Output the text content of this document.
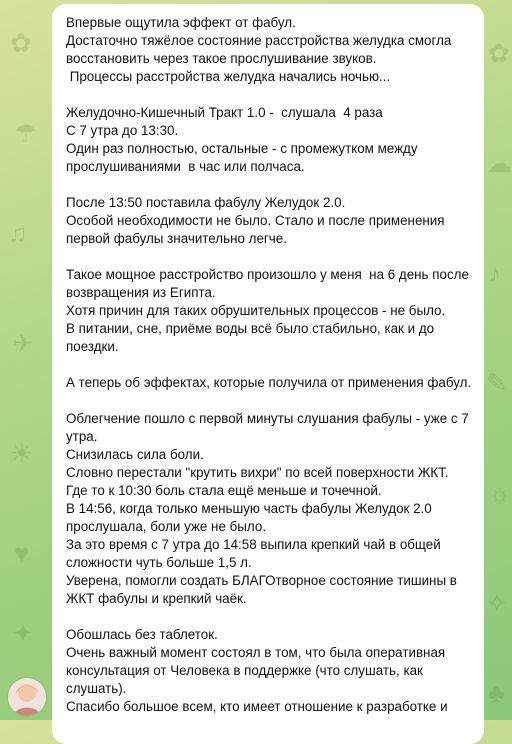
✿
☂
♫
✈
☀
♥
✦
✿
☁
♪
✎
☼
✧
♣
Впервые ощутила эффект от фабул.
Достаточно тяжёлое состояние расстройства желудка смогла
восстановить через такое прослушивание звуков.
Процессы расстройства желудка начались ночью...
Желудочно-Кишечный Тракт 1.0 -  слушала  4 раза
С 7 утра до 13:30.
Один раз полностью, остальные - с промежутком между
прослушиваниями  в час или полчаса.
После 13:50 поставила фабулу Желудок 2.0.
Особой необходимости не было. Стало и после применения
первой фабулы значительно легче.
Такое мощное расстройство произошло у меня  на 6 день после
возвращения из Египта.
Хотя причин для таких обрушительных процессов - не было.
В питании, сне, приёме воды всё было стабильно, как и до
поездки.
А теперь об эффектах, которые получила от применения фабул.
Облегчение пошло с первой минуты слушания фабулы - уже с 7
утра.
Снизилась сила боли.
Словно перестали "крутить вихри" по всей поверхности ЖКТ.
Где то к 10:30 боль стала ещё меньше и точечной.
В 14:56, когда только меньшую часть фабулы Желудок 2.0
прослушала, боли уже не было.
За это время с 7 утра до 14:58 выпила крепкий чай в общей
сложности чуть больше 1,5 л.
Уверена, помогли создать БЛАГОтворное состояние тишины в
ЖКТ фабулы и крепкий чаёк.
Обошлась без таблеток.
Очень важный момент состоял в том, что была оперативная
консультация от Человека в поддержке (что слушать, как
слушать).
Спасибо большое всем, кто имеет отношение к разработке и
